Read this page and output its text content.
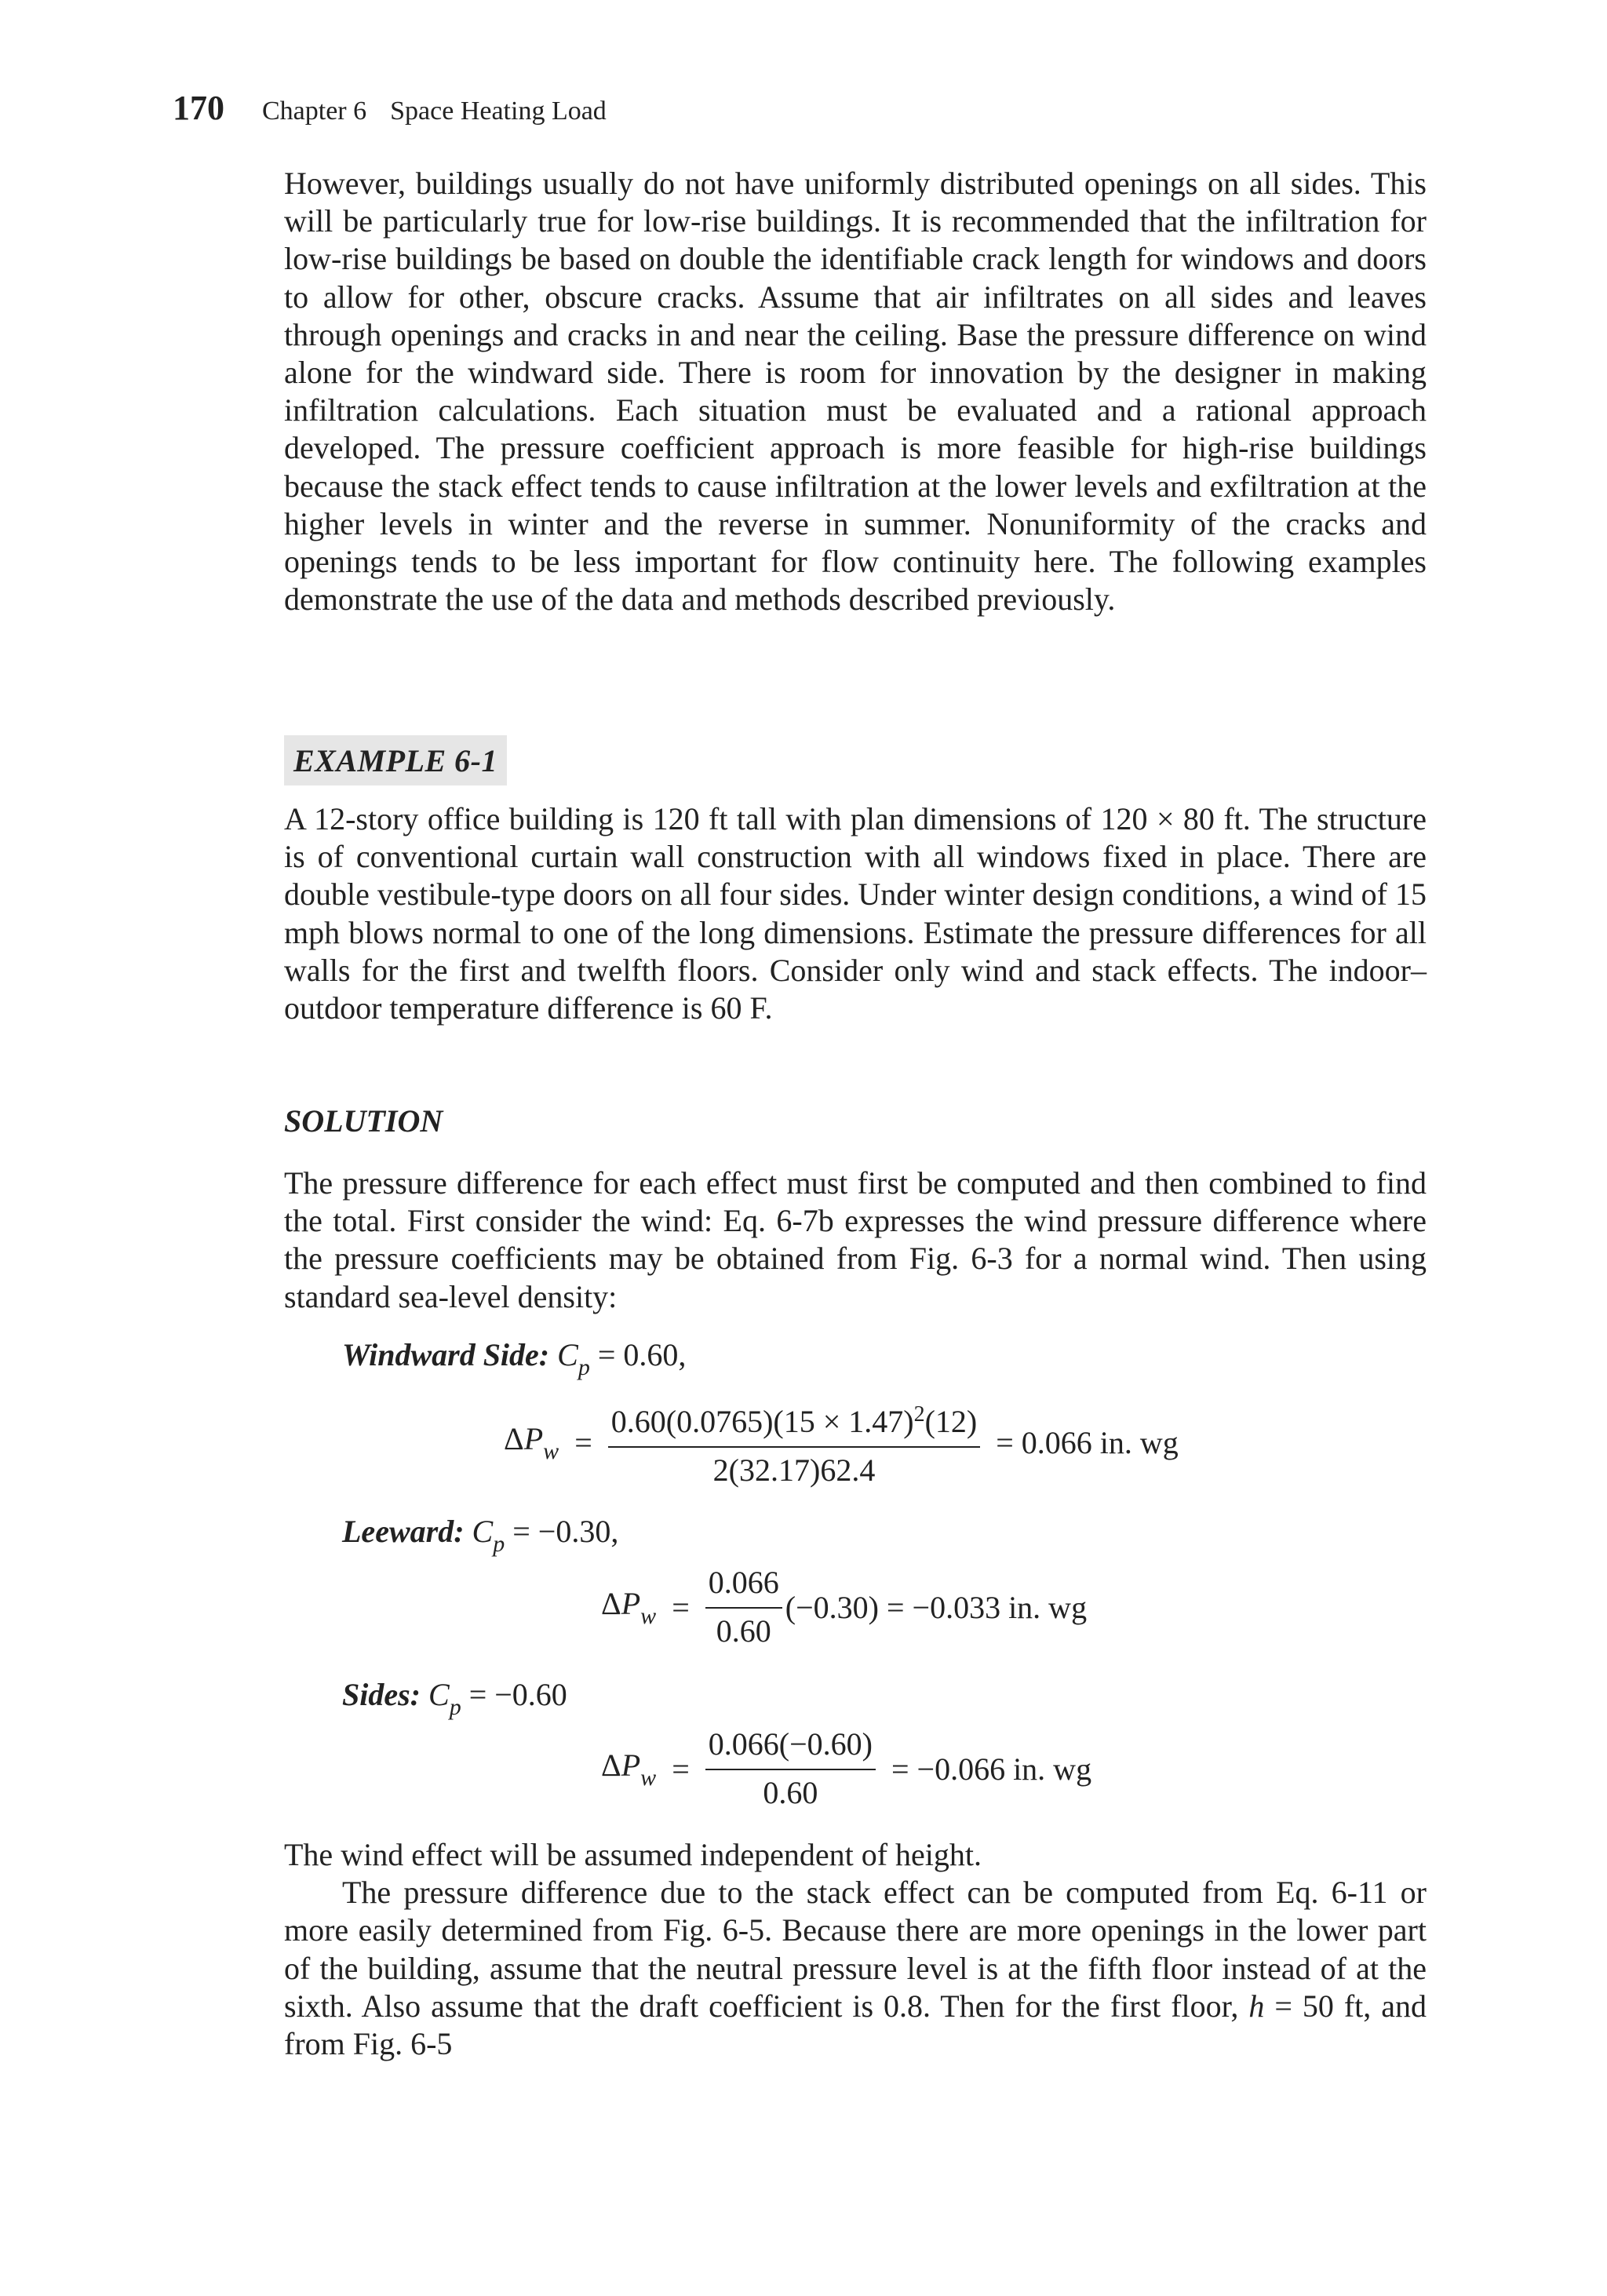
170 Chapter 6 Space Heating Load

However, buildings usually do not have uniformly distributed openings on all sides. This will be particularly true for low-rise buildings. It is recommended that the infiltration for low-rise buildings be based on double the identifiable crack length for windows and doors to allow for other, obscure cracks. Assume that air infiltrates on all sides and leaves through openings and cracks in and near the ceiling. Base the pressure difference on wind alone for the windward side. There is room for innovation by the designer in making infiltration calculations. Each situation must be evaluated and a rational approach developed. The pressure coefficient approach is more feasible for high-rise buildings because the stack effect tends to cause infiltration at the lower levels and exfiltration at the higher levels in winter and the reverse in summer. Nonuniformity of the cracks and openings tends to be less important for flow continuity here. The following examples demonstrate the use of the data and methods described previously.

EXAMPLE 6-1

A 12-story office building is 120 ft tall with plan dimensions of 120 × 80 ft. The structure is of conventional curtain wall construction with all windows fixed in place. There are double vestibule-type doors on all four sides. Under winter design conditions, a wind of 15 mph blows normal to one of the long dimensions. Estimate the pressure differences for all walls for the first and twelfth floors. Consider only wind and stack effects. The indoor–outdoor temperature difference is 60 F.

SOLUTION

The pressure difference for each effect must first be computed and then combined to find the total. First consider the wind: Eq. 6-7b expresses the wind pressure difference where the pressure coefficients may be obtained from Fig. 6-3 for a normal wind. Then using standard sea-level density:

Windward Side: $C_p = 0.60$,
$\Delta P_w = \frac{0.60(0.0765)(15 \times 1.47)^2(12)}{2(32.17)62.4} = 0.066$ in. wg
Leeward: $C_p = -0.30$,
$\Delta P_w = \frac{0.066}{0.60} (-0.30) = -0.033$ in. wg
Sides: $C_p = -0.60$
$\Delta P_w = \frac{0.066(-0.60)}{0.60} = -0.066$ in. wg
The wind effect will be assumed independent of height.
The pressure difference due to the stack effect can be computed from Eq. 6-11 or more easily determined from Fig. 6-5. Because there are more openings in the lower part of the building, assume that the neutral pressure level is at the fifth floor instead of at the sixth. Also assume that the draft coefficient is 0.8. Then for the first floor, h = 50 ft, and from Fig. 6-5
